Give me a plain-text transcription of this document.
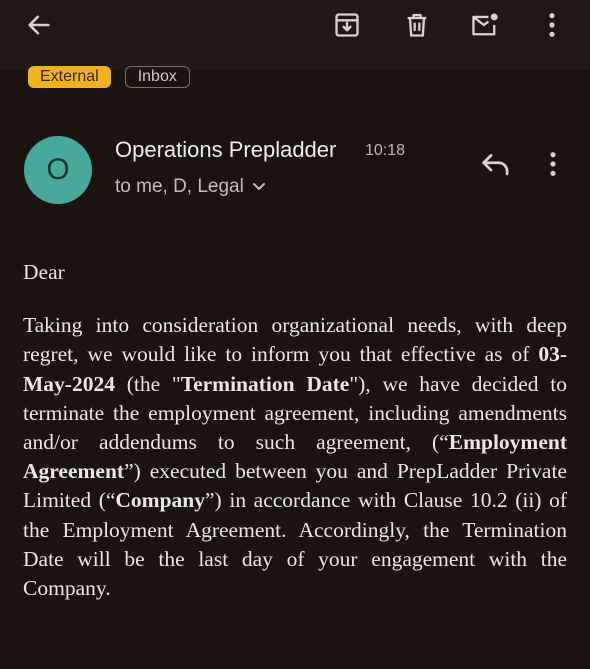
External	Inbox
O
Operations Prepladder 10:18
to me, D, Legal
Dear
Taking into consideration organizational needs, with deep regret, we would like to inform you that effective as of 03-May-2024 (the "Termination Date"), we have decided to terminate the employment agreement, including amendments and/or addendums to such agreement, (“Employment Agreement”) executed between you and PrepLadder Private Limited (“Company”) in accordance with Clause 10.2 (ii) of the Employment Agreement. Accordingly, the Termination Date will be the last day of your engagement with the Company.
